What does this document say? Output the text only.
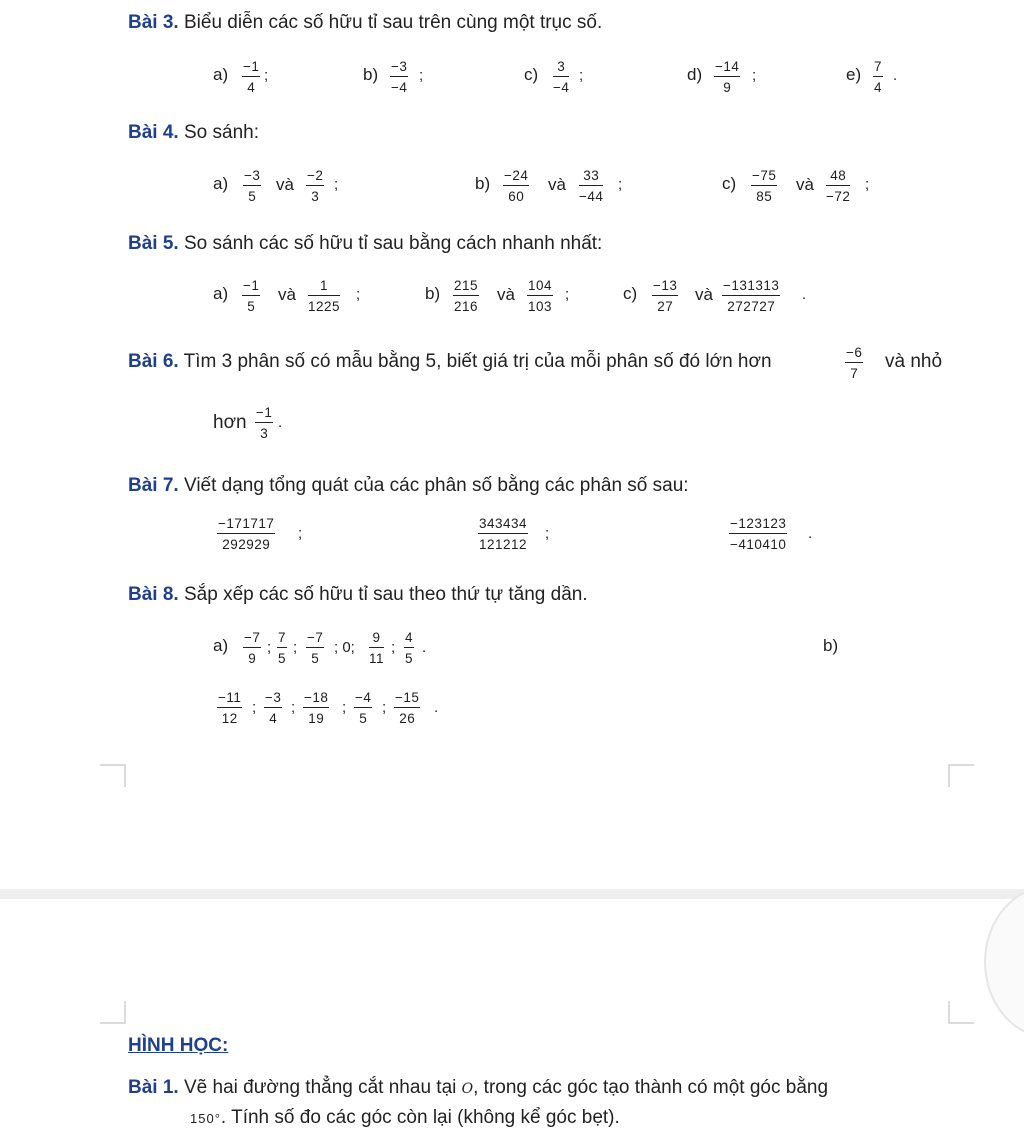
Bài 3. Biểu diễn các số hữu tỉ sau trên cùng một trục số.
$a) \frac{-1}{4}$ ;	$b) \frac{-3}{-4}$ ;	$c) \frac{3}{-4}$ ;	$d) \frac{-14}{9}$ ;	$e) \frac{7}{4}$ .
Bài 4. So sánh:
$a) \frac{-3}{5}$ và $\frac{-2}{3}$ ;	$b) \frac{-24}{60}$ và $\frac{33}{-44}$ ;	$c) \frac{-75}{85}$ và $\frac{48}{-72}$ ;
Bài 5. So sánh các số hữu tỉ sau bằng cách nhanh nhất:
$a) \frac{-1}{5}$ và $\frac{1}{1225}$ ;	$b) \frac{215}{216}$ và $\frac{104}{103}$ ;	$c) \frac{-13}{27}$ và $\frac{-131313}{272727}$ .
Bài 6. Tìm 3 phân số có mẫu bằng 5, biết giá trị của mỗi phân số đó lớn hơn	$\frac{-6}{7}$ và nhỏ
hơn $\frac{-1}{3}$ .
Bài 7. Viết dạng tổng quát của các phân số bằng các phân số sau:
$\frac{-171717}{292929}$ ;	$\frac{343434}{121212}$ ;	$\frac{-123123}{-410410}$ .
Bài 8. Sắp xếp các số hữu tỉ sau theo thứ tự tăng dần.
$a) \frac{-7}{9}$ ; $\frac{7}{5}$ ; $\frac{-7}{5}$ ; 0; $\frac{9}{11}$ ; $\frac{4}{5}$ .	b)
$\frac{-11}{12}$ ; $\frac{-3}{4}$ ; $\frac{-18}{19}$ ; $\frac{-4}{5}$ ; $\frac{-15}{26}$ .
HÌNH HỌC:
Bài 1. Vẽ hai đường thẳng cắt nhau tại O, trong các góc tạo thành có một góc bằng
150°. Tính số đo các góc còn lại (không kể góc bẹt).
